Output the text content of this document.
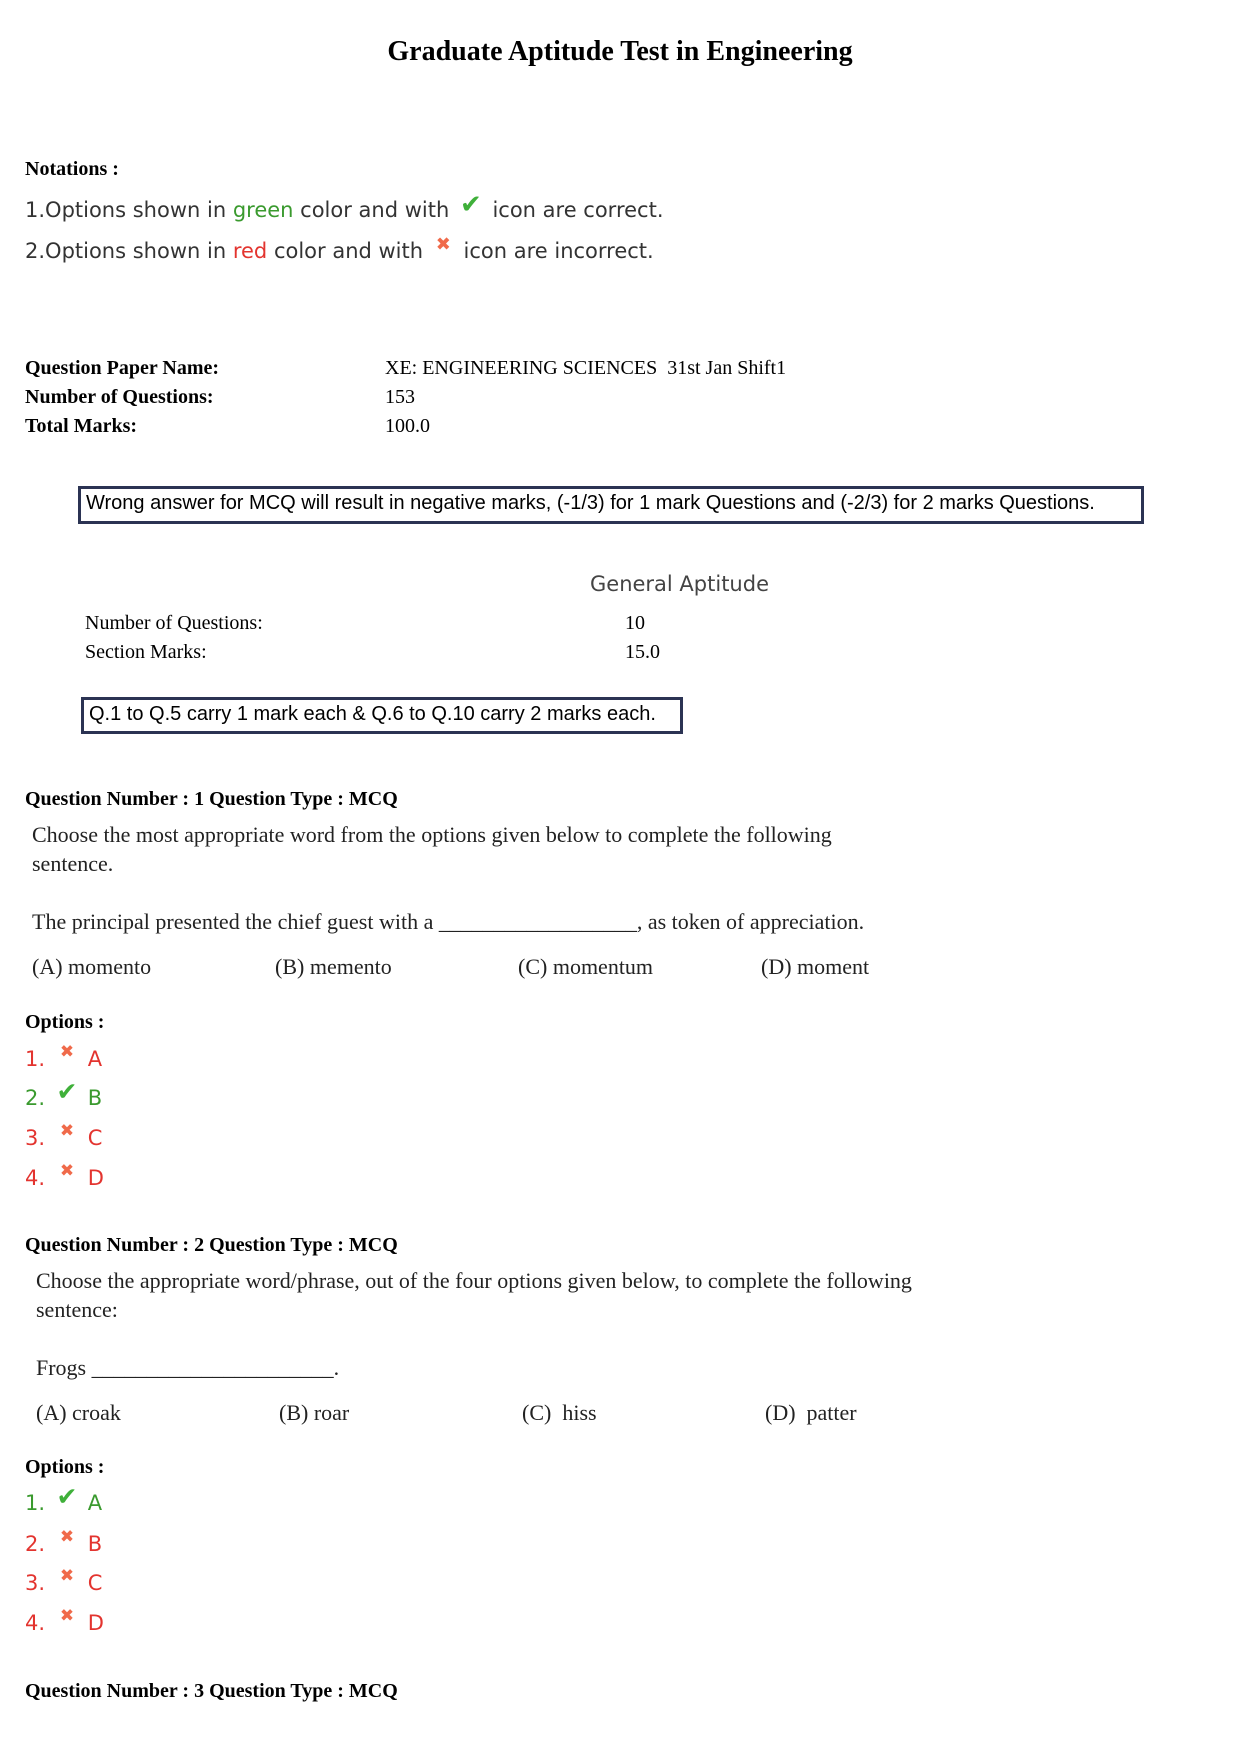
Graduate Aptitude Test in Engineering
Notations :
1.Options shown in green color and with ✔ icon are correct.
2.Options shown in red color and with ✖ icon are incorrect.
Question Paper Name:	XE: ENGINEERING SCIENCES  31st Jan Shift1
Number of Questions:	153
Total Marks:	100.0
Wrong answer for MCQ will result in negative marks, (-1/3) for 1 mark Questions and (-2/3) for 2 marks Questions.
General Aptitude
Number of Questions:	10
Section Marks:	15.0
Q.1 to Q.5 carry 1 mark each & Q.6 to Q.10 carry 2 marks each.
Question Number : 1 Question Type : MCQ

Choose the most appropriate word from the options given below to complete the following

sentence.

The principal presented the chief guest with a __________________, as token of appreciation.

(A) momento	(B) memento	(C) momentum	(D) moment
Options :
1. ✖ A
2. ✔ B
3. ✖ C
4. ✖ D
Question Number : 2 Question Type : MCQ

Choose the appropriate word/phrase, out of the four options given below, to complete the following

sentence:

Frogs ______________________.

(A) croak	(B) roar	(C)  hiss	(D)  patter
Options :
1. ✔ A
2. ✖ B
3. ✖ C
4. ✖ D
Question Number : 3 Question Type : MCQ
